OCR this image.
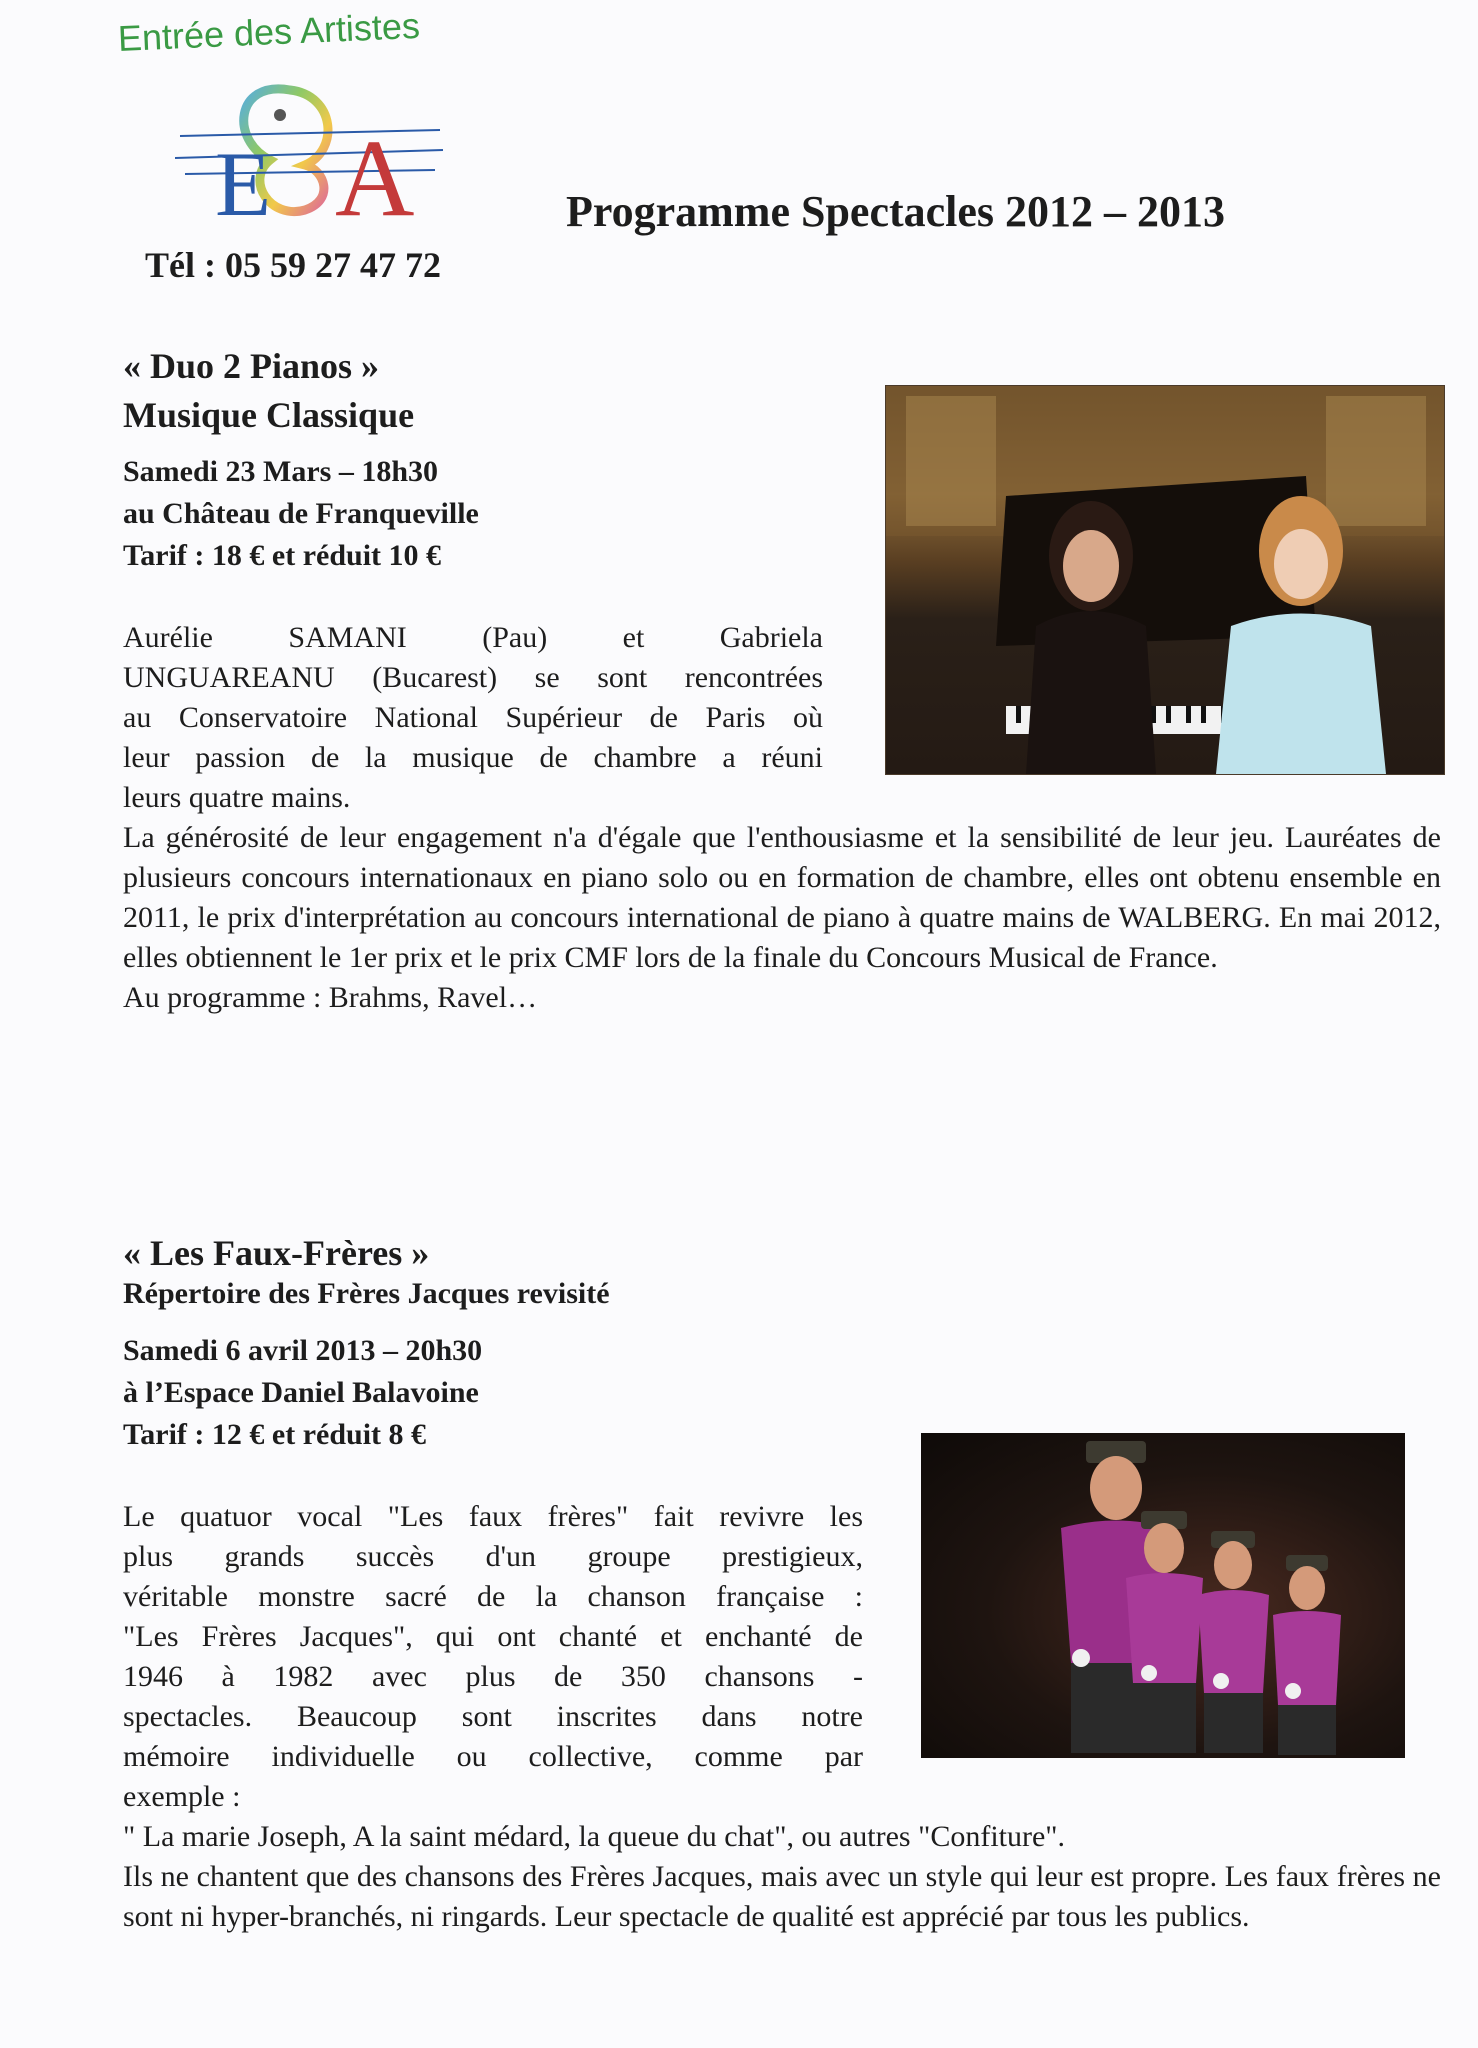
Entrée des Artistes
E A
Tél : 05 59 27 47 72
Programme Spectacles 2012 – 2013
« Duo 2 Pianos »
Musique Classique
Samedi 23 Mars – 18h30
au Château de Franqueville
Tarif : 18 € et réduit 10 €

Aurélie SAMANI (Pau) et Gabriela

UNGUAREANU (Bucarest) se sont rencontrées

au Conservatoire National Supérieur de Paris où

leur passion de la musique de chambre a réuni

leurs quatre mains.

La générosité de leur engagement n'a d'égale que l'enthousiasme et la sensibilité de leur jeu. Lauréates de plusieurs concours internationaux en piano solo ou en formation de chambre, elles ont obtenu ensemble en 2011, le prix d'interprétation au concours international de piano à quatre mains de WALBERG. En mai 2012, elles obtiennent le 1er prix et le prix CMF lors de la finale du Concours Musical de France.

Au programme : Brahms, Ravel…

« Les Faux-Frères »
Répertoire des Frères Jacques revisité
Samedi 6 avril 2013 – 20h30
à l’Espace Daniel Balavoine
Tarif : 12 € et réduit 8 €

Le quatuor vocal "Les faux frères" fait revivre les

plus grands succès d'un groupe prestigieux,

véritable monstre sacré de la chanson française :

"Les Frères Jacques", qui ont chanté et enchanté de

1946 à 1982 avec plus de 350 chansons -

spectacles. Beaucoup sont inscrites dans notre

mémoire individuelle ou collective, comme par

exemple :

" La marie Joseph, A la saint médard, la queue du chat", ou autres "Confiture".

Ils ne chantent que des chansons des Frères Jacques, mais avec un style qui leur est propre. Les faux frères ne sont ni hyper-branchés, ni ringards. Leur spectacle de qualité est apprécié par tous les publics.
